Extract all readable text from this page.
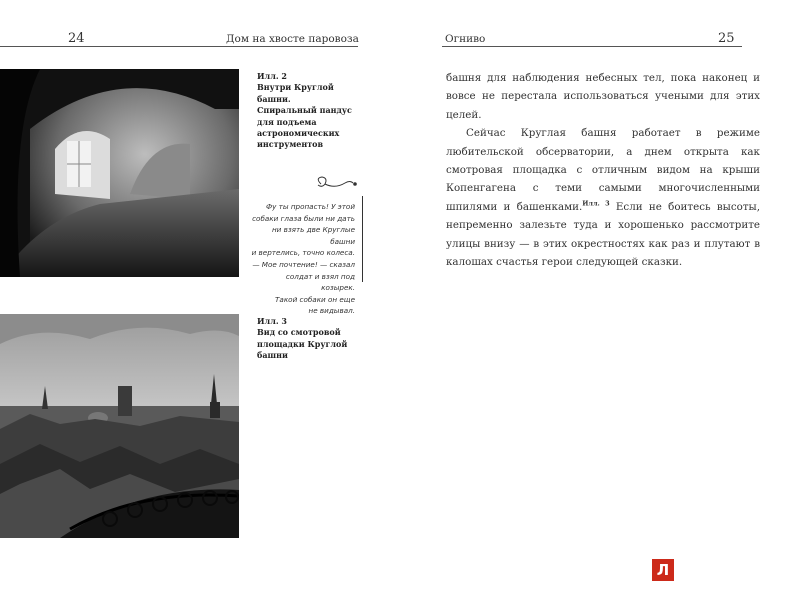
24	Дом на хвосте паровоза
Илл. 2
Внутри Круглой башни.
Спиральный пандус
для подъема
астрономических
инструментов
Фу ты пропасть! У этой
собаки глаза были ни дать
ни взять две Круглые башни
и вертелись, точно колеса.
— Мое почтение! — сказал
солдат и взял под козырек.
Такой собаки он еще
не видывал.
Илл. 3
Вид со смотровой
площадки Круглой башни
Огниво	25

башня для наблюдения небесных тел, пока наконец и вовсе не перестала использоваться учеными для этих целей.

Сейчас Круглая башня работает в режиме любительской обсерватории, а днем открыта как смотровая площадка с отличным видом на крыши Копенгагена с теми самыми многочисленными шпилями и башенками.$^{Илл. 3}$ Если не боитесь высоты, непременно залезьте туда и хорошенько рассмотрите улицы внизу — в этих окрестностях как раз и плутают в калошах счастья герои следующей сказки.

Л
